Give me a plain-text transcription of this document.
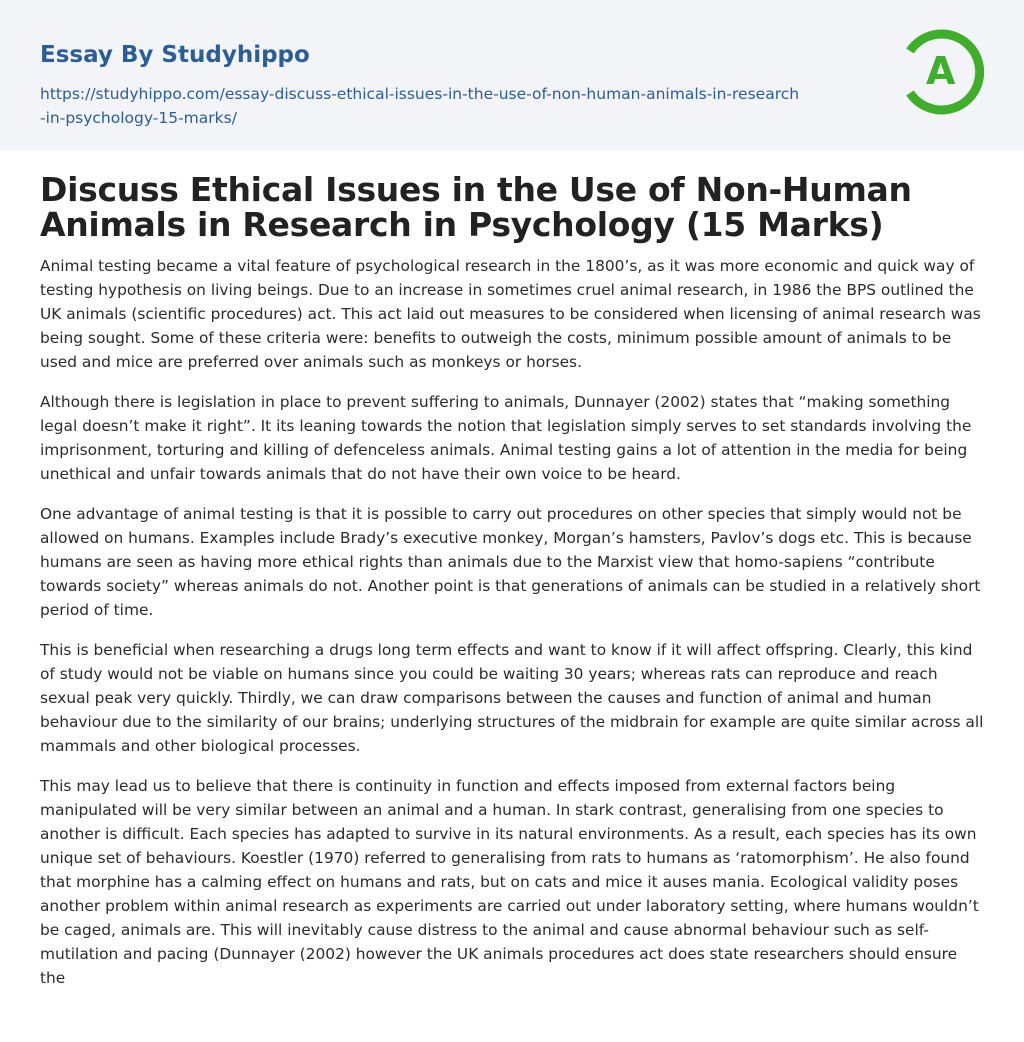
Essay By Studyhippo
https://studyhippo.com/essay-discuss-ethical-issues-in-the-use-of-non-human-animals-in-research-in-psychology-15-marks/
A
Discuss Ethical Issues in the Use of Non-Human Animals in Research in Psychology (15 Marks)

Animal testing became a vital feature of psychological research in the 1800’s, as it was more economic and quick way of testing hypothesis on living beings. Due to an increase in sometimes cruel animal research, in 1986 the BPS outlined the UK animals (scientific procedures) act. This act laid out measures to be considered when licensing of animal research was being sought. Some of these criteria were: benefits to outweigh the costs, minimum possible amount of animals to be used and mice are preferred over animals such as monkeys or horses.

Although there is legislation in place to prevent suffering to animals, Dunnayer (2002) states that “making something legal doesn’t make it right”. It its leaning towards the notion that legislation simply serves to set standards involving the imprisonment, torturing and killing of defenceless animals. Animal testing gains a lot of attention in the media for being unethical and unfair towards animals that do not have their own voice to be heard.

One advantage of animal testing is that it is possible to carry out procedures on other species that simply would not be allowed on humans. Examples include Brady’s executive monkey, Morgan’s hamsters, Pavlov’s dogs etc. This is because humans are seen as having more ethical rights than animals due to the Marxist view that homo-sapiens “contribute towards society” whereas animals do not. Another point is that generations of animals can be studied in a relatively short period of time.

This is beneficial when researching a drugs long term effects and want to know if it will affect offspring. Clearly, this kind of study would not be viable on humans since you could be waiting 30 years; whereas rats can reproduce and reach sexual peak very quickly. Thirdly, we can draw comparisons between the causes and function of animal and human behaviour due to the similarity of our brains; underlying structures of the midbrain for example are quite similar across all mammals and other biological processes.

This may lead us to believe that there is continuity in function and effects imposed from external factors being manipulated will be very similar between an animal and a human. In stark contrast, generalising from one species to another is difficult. Each species has adapted to survive in its natural environments. As a result, each species has its own unique set of behaviours. Koestler (1970) referred to generalising from rats to humans as ‘ratomorphism’. He also found that morphine has a calming effect on humans and rats, but on cats and mice it auses mania. Ecological validity poses another problem within animal research as experiments are carried out under laboratory setting, where humans wouldn’t be caged, animals are. This will inevitably cause distress to the animal and cause abnormal behaviour such as self-mutilation and pacing (Dunnayer (2002) however the UK animals procedures act does state researchers should ensure the
